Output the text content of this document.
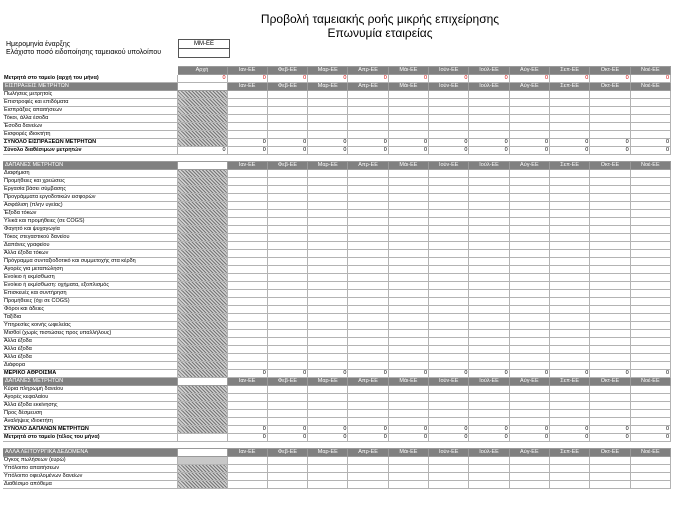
Προβολή ταμειακής ροής μικρής επιχείρησης
Επωνυμία εταιρείας
Ημερομηνία έναρξης	ΜΜ-ΕΕ
Ελάχιστο ποσό ειδοποίησης ταμειακού υπολοίπου
	Αρχή	Ιαν-ΕΕ	Φεβ-ΕΕ	Μαρ-ΕΕ	Απρ-ΕΕ	Μάι-ΕΕ	Ιούν-ΕΕ	Ιούλ-ΕΕ	Αύγ-ΕΕ	Σεπ-ΕΕ	Οκτ-ΕΕ	Νοέ-ΕΕ
Μετρητά στο ταμείο (αρχή του μήνα)	0	0	0	0	0	0	0	0	0	0	0	0
ΕΙΣΠΡΑΞΕΙΣ ΜΕΤΡΗΤΩΝ		Ιαν-ΕΕ	Φεβ-ΕΕ	Μαρ-ΕΕ	Απρ-ΕΕ	Μάι-ΕΕ	Ιούν-ΕΕ	Ιούλ-ΕΕ	Αύγ-ΕΕ	Σεπ-ΕΕ	Οκτ-ΕΕ	Νοέ-ΕΕ
Πωλήσεις μετρητοίς												
Επιστροφές και επιδόματα												
Εισπράξεις απαιτήσεων												
Τόκοι, άλλα έσοδα												
Έσοδα δανείων												
Εισφορές ιδιοκτήτη												
ΣΥΝΟΛΟ ΕΙΣΠΡΑΞΕΩΝ ΜΕΤΡΗΤΩΝ		0	0	0	0	0	0	0	0	0	0	0
Σύνολο διαθέσιμων μετρητών	0	0	0	0	0	0	0	0	0	0	0	0

ΔΑΠΑΝΕΣ ΜΕΤΡΗΤΩΝ		Ιαν-ΕΕ	Φεβ-ΕΕ	Μαρ-ΕΕ	Απρ-ΕΕ	Μάι-ΕΕ	Ιούν-ΕΕ	Ιούλ-ΕΕ	Αύγ-ΕΕ	Σεπ-ΕΕ	Οκτ-ΕΕ	Νοέ-ΕΕ
Διαφήμιση												
Προμήθειες και χρεώσεις												
Εργασία βάσει σύμβασης												
Προγράμματα εργοδοτικών εισφορών												
Ασφάλιση (πλην υγείας)												
Έξοδα τόκων												
Υλικά και προμήθειες (σε COGS)												
Φαγητό και ψυχαγωγία												
Τόκος στεγαστικού δανείου												
Δαπάνες γραφείου												
Άλλα έξοδα τόκων												
Πρόγραμμα συνταξιοδοτικό και συμμετοχής στα κέρδη												
Αγορές για μεταπώληση												
Ενοίκιο ή εκμίσθωση												
Ενοίκιο ή εκμίσθωση: οχήματα, εξοπλισμός												
Επισκευές και συντήρηση												
Προμήθειες (όχι σε COGS)												
Φόροι και άδειες												
Ταξίδια												
Υπηρεσίες κοινής ωφελείας												
Μισθοί (χωρίς πιστώσεις προς υπαλλήλους)												
Άλλα έξοδα												
Άλλα έξοδα												
Άλλα έξοδα												
Διάφορα												
ΜΕΡΙΚΟ ΑΘΡΟΙΣΜΑ		0	0	0	0	0	0	0	0	0	0	0
ΔΑΠΑΝΕΣ ΜΕΤΡΗΤΩΝ		Ιαν-ΕΕ	Φεβ-ΕΕ	Μαρ-ΕΕ	Απρ-ΕΕ	Μάι-ΕΕ	Ιούν-ΕΕ	Ιούλ-ΕΕ	Αύγ-ΕΕ	Σεπ-ΕΕ	Οκτ-ΕΕ	Νοέ-ΕΕ
Κύρια πληρωμή δανείου												
Αγορές κεφαλαίου												
Άλλα έξοδα εκκίνησης												
Προς δέσμευση												
Αναλήψεις ιδιοκτήτη												
ΣΥΝΟΛΟ ΔΑΠΑΝΩΝ ΜΕΤΡΗΤΩΝ		0	0	0	0	0	0	0	0	0	0	0
Μετρητά στο ταμείο (τέλος του μήνα)		0	0	0	0	0	0	0	0	0	0	0

ΑΛΛΑ ΛΕΙΤΟΥΡΓΙΚΑ ΔΕΔΟΜΕΝΑ		Ιαν-ΕΕ	Φεβ-ΕΕ	Μαρ-ΕΕ	Απρ-ΕΕ	Μάι-ΕΕ	Ιούν-ΕΕ	Ιούλ-ΕΕ	Αύγ-ΕΕ	Σεπ-ΕΕ	Οκτ-ΕΕ	Νοέ-ΕΕ
Όγκος πωλήσεων (ευρώ)												
Υπόλοιπο απαιτήσεων												
Υπόλοιπο οφειλομένων δανείων												
Διαθέσιμο απόθεμα												
